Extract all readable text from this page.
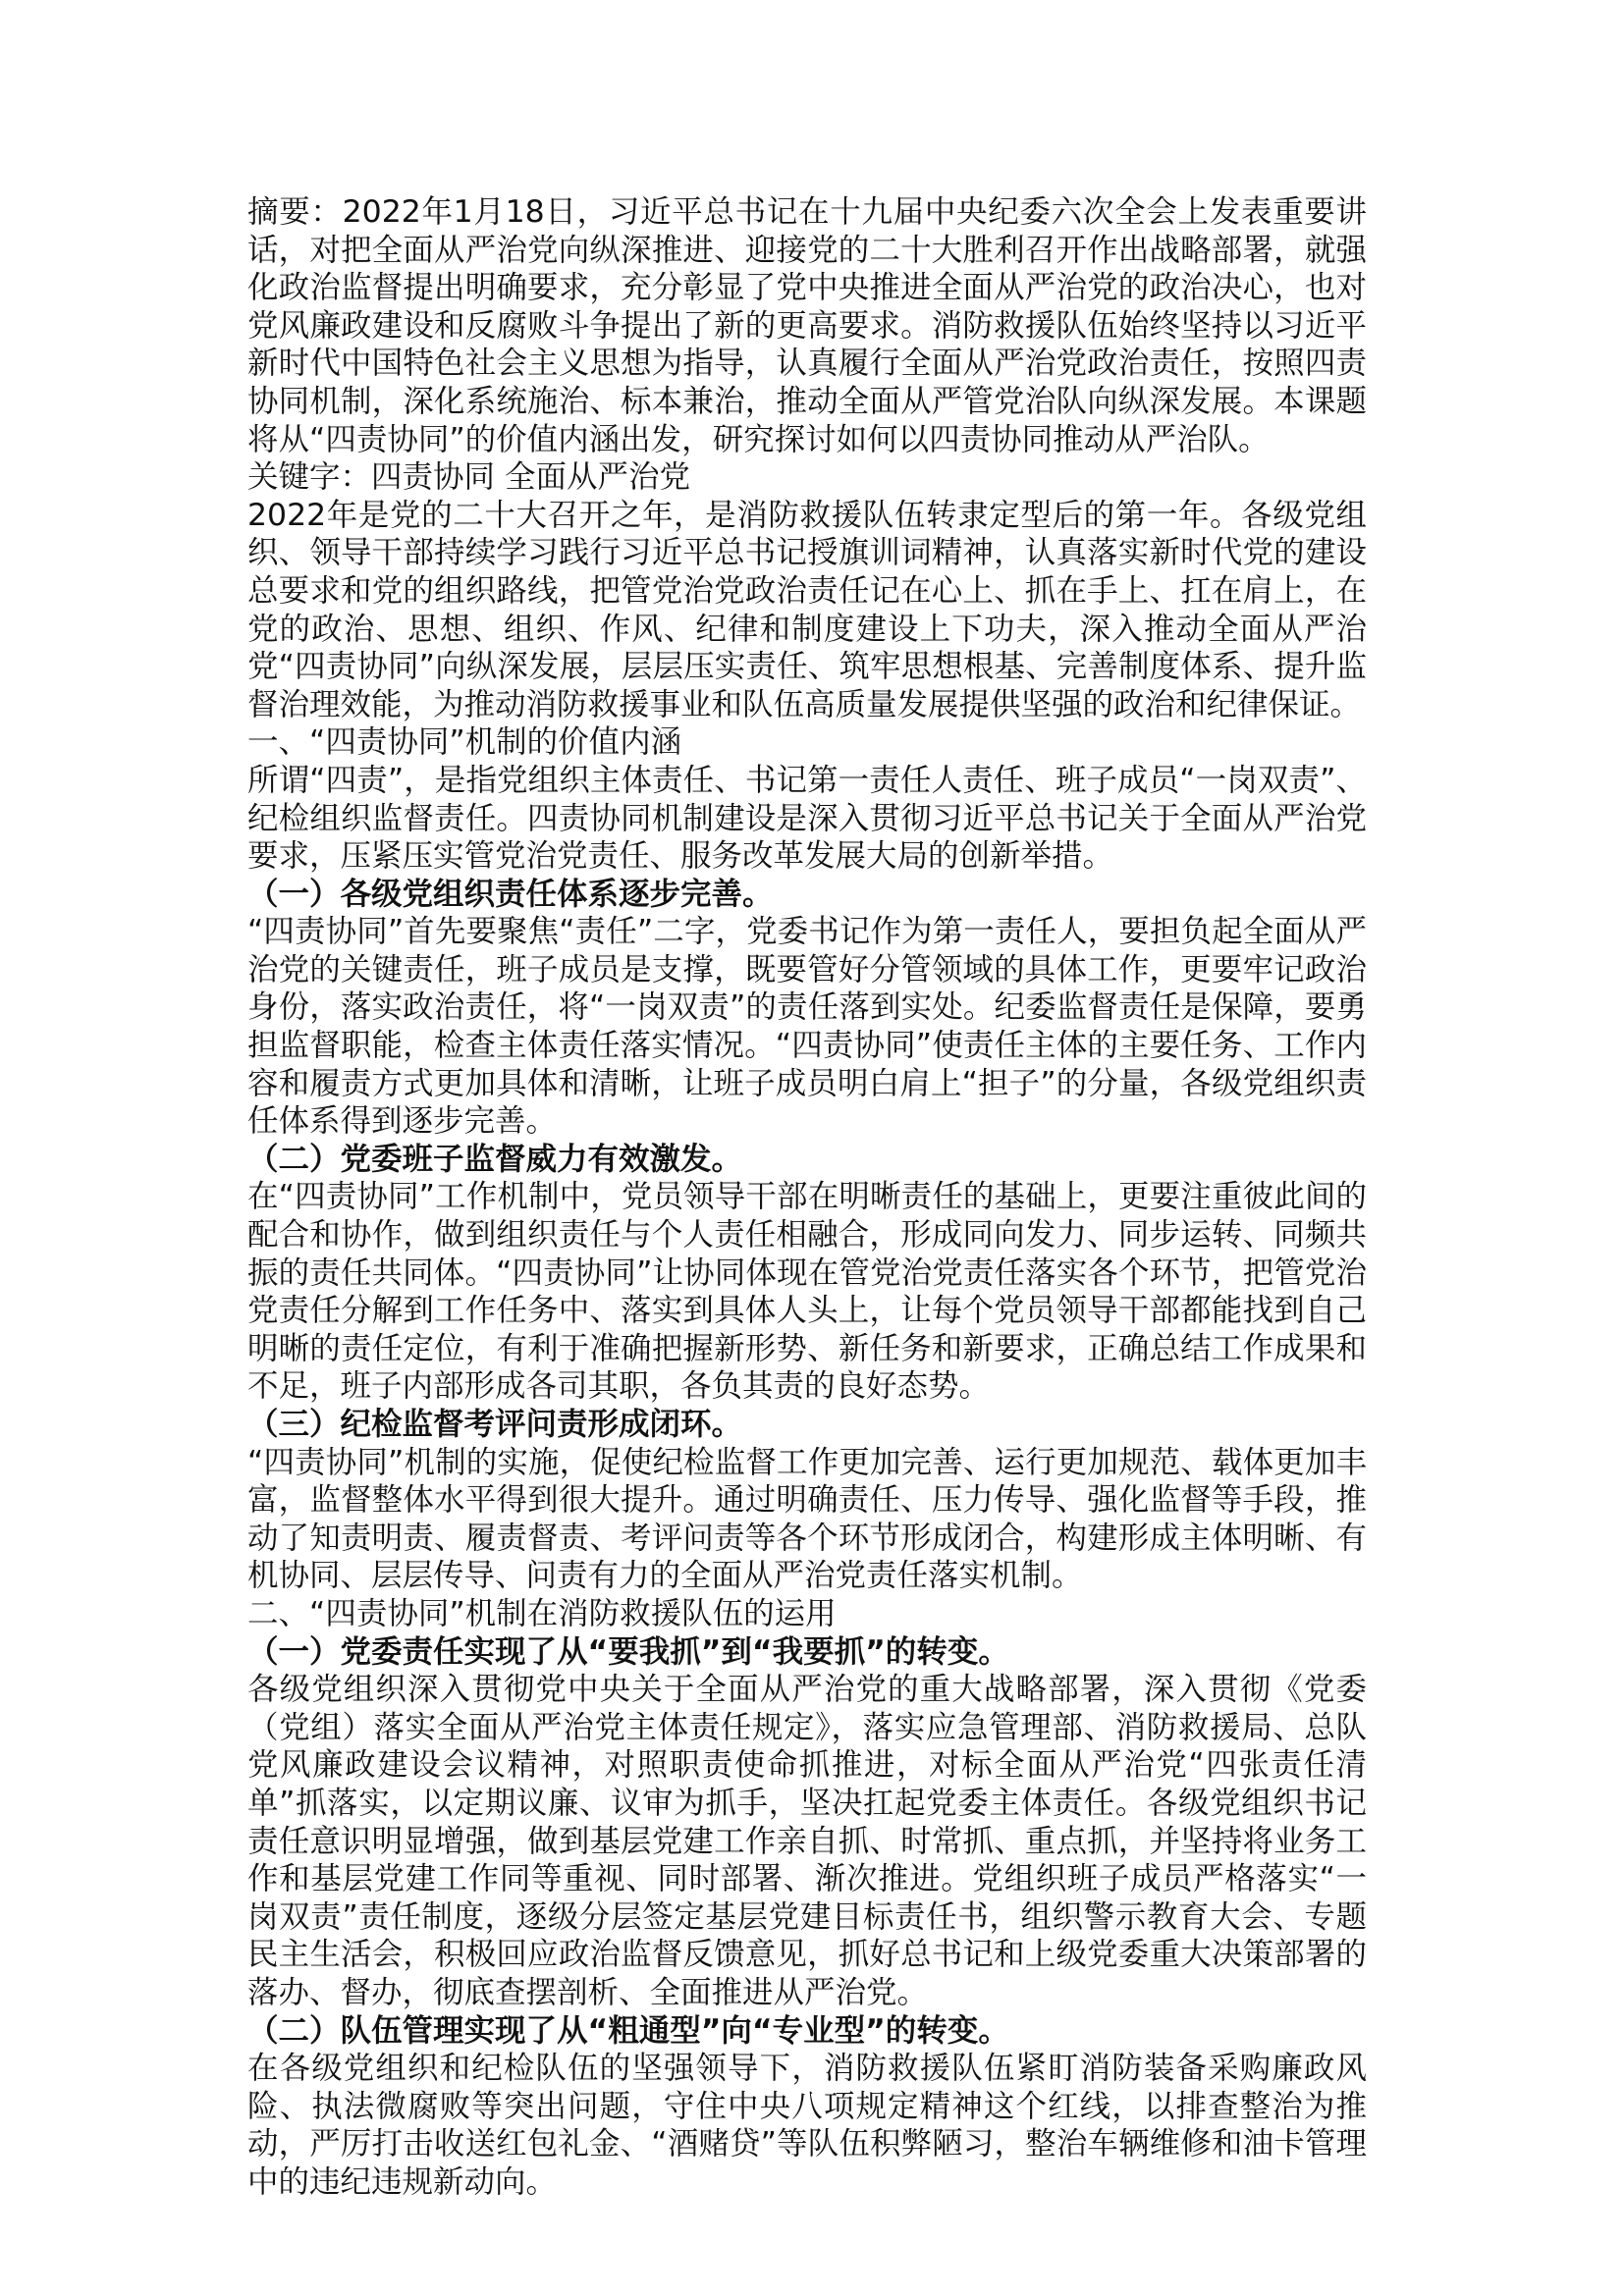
摘要：2022年1月18日，习近平总书记在十九届中央纪委六次全会上发表重要讲话，对把全面从严治党向纵深推进、迎接党的二十大胜利召开作出战略部署，就强化政治监督提出明确要求，充分彰显了党中央推进全面从严治党的政治决心，也对党风廉政建设和反腐败斗争提出了新的更高要求。消防救援队伍始终坚持以习近平新时代中国特色社会主义思想为指导，认真履行全面从严治党政治责任，按照四责协同机制，深化系统施治、标本兼治，推动全面从严管党治队向纵深发展。本课题将从“四责协同”的价值内涵出发，研究探讨如何以四责协同推动从严治队。

关键字：四责协同 全面从严治党

2022年是党的二十大召开之年，是消防救援队伍转隶定型后的第一年。各级党组织、领导干部持续学习践行习近平总书记授旗训词精神，认真落实新时代党的建设总要求和党的组织路线，把管党治党政治责任记在心上、抓在手上、扛在肩上，在党的政治、思想、组织、作风、纪律和制度建设上下功夫，深入推动全面从严治党“四责协同”向纵深发展，层层压实责任、筑牢思想根基、完善制度体系、提升监督治理效能，为推动消防救援事业和队伍高质量发展提供坚强的政治和纪律保证。

一、“四责协同”机制的价值内涵

所谓“四责”，是指党组织主体责任、书记第一责任人责任、班子成员“一岗双责”、纪检组织监督责任。四责协同机制建设是深入贯彻习近平总书记关于全面从严治党要求，压紧压实管党治党责任、服务改革发展大局的创新举措。

（一）各级党组织责任体系逐步完善。

“四责协同”首先要聚焦“责任”二字，党委书记作为第一责任人，要担负起全面从严治党的关键责任，班子成员是支撑，既要管好分管领域的具体工作，更要牢记政治身份，落实政治责任，将“一岗双责”的责任落到实处。纪委监督责任是保障，要勇担监督职能，检查主体责任落实情况。“四责协同”使责任主体的主要任务、工作内容和履责方式更加具体和清晰，让班子成员明白肩上“担子”的分量，各级党组织责任体系得到逐步完善。

（二）党委班子监督威力有效激发。

在“四责协同”工作机制中，党员领导干部在明晰责任的基础上，更要注重彼此间的配合和协作，做到组织责任与个人责任相融合，形成同向发力、同步运转、同频共振的责任共同体。“四责协同”让协同体现在管党治党责任落实各个环节，把管党治党责任分解到工作任务中、落实到具体人头上，让每个党员领导干部都能找到自己明晰的责任定位，有利于准确把握新形势、新任务和新要求，正确总结工作成果和不足，班子内部形成各司其职，各负其责的良好态势。

（三）纪检监督考评问责形成闭环。

“四责协同”机制的实施，促使纪检监督工作更加完善、运行更加规范、载体更加丰富，监督整体水平得到很大提升。通过明确责任、压力传导、强化监督等手段，推动了知责明责、履责督责、考评问责等各个环节形成闭合，构建形成主体明晰、有机协同、层层传导、问责有力的全面从严治党责任落实机制。

二、“四责协同”机制在消防救援队伍的运用

（一）党委责任实现了从“要我抓”到“我要抓”的转变。

各级党组织深入贯彻党中央关于全面从严治党的重大战略部署，深入贯彻《党委（党组）落实全面从严治党主体责任规定》，落实应急管理部、消防救援局、总队党风廉政建设会议精神，对照职责使命抓推进，对标全面从严治党“四张责任清单”抓落实，以定期议廉、议审为抓手，坚决扛起党委主体责任。各级党组织书记责任意识明显增强，做到基层党建工作亲自抓、时常抓、重点抓，并坚持将业务工作和基层党建工作同等重视、同时部署、渐次推进。党组织班子成员严格落实“一岗双责”责任制度，逐级分层签定基层党建目标责任书，组织警示教育大会、专题民主生活会，积极回应政治监督反馈意见，抓好总书记和上级党委重大决策部署的落办、督办，彻底查摆剖析、全面推进从严治党。

（二）队伍管理实现了从“粗通型”向“专业型”的转变。

在各级党组织和纪检队伍的坚强领导下，消防救援队伍紧盯消防装备采购廉政风险、执法微腐败等突出问题，守住中央八项规定精神这个红线，以排查整治为推动，严厉打击收送红包礼金、“酒赌贷”等队伍积弊陋习，整治车辆维修和油卡管理中的违纪违规新动向。
